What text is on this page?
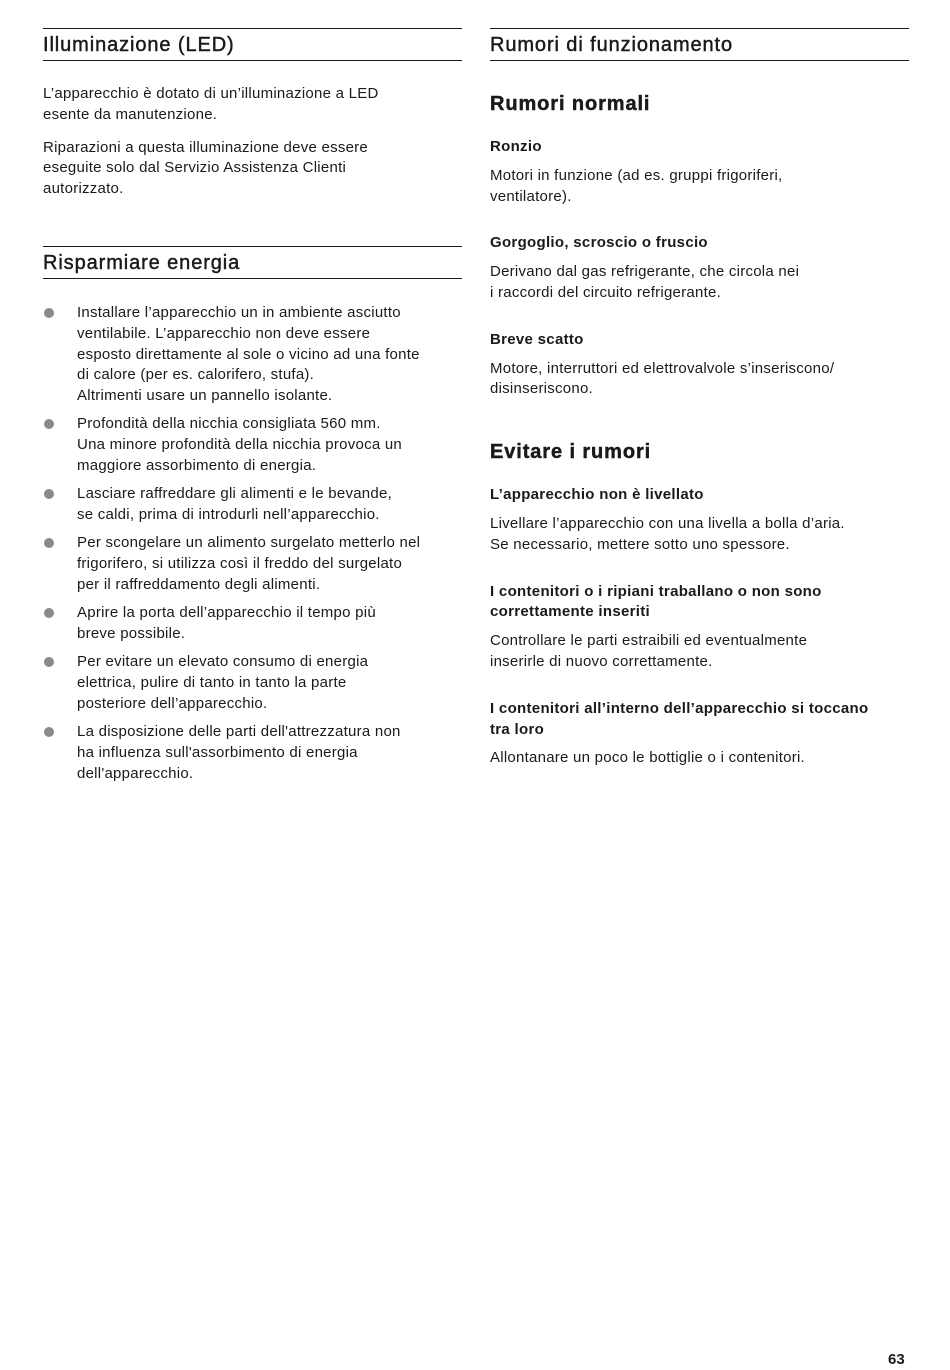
Illuminazione (LED)

L’apparecchio è dotato di un’illuminazione a LED
esente da manutenzione.

Riparazioni a questa illuminazione deve essere
eseguite solo dal Servizio Assistenza Clienti
autorizzato.

Risparmiare energia
Installare l’apparecchio un in ambiente asciutto
ventilabile. L’apparecchio non deve essere
esposto direttamente al sole o vicino ad una fonte
di calore (per es. calorifero, stufa).
Altrimenti usare un pannello isolante.
Profondità della nicchia consigliata 560 mm.
Una minore profondità della nicchia provoca un
maggiore assorbimento di energia.
Lasciare raffreddare gli alimenti e le bevande,
se caldi, prima di introdurli nell’apparecchio.
Per scongelare un alimento surgelato metterlo nel
frigorifero, si utilizza così il freddo del surgelato
per il raffreddamento degli alimenti.
Aprire la porta dell’apparecchio il tempo più
breve possibile.
Per evitare un elevato consumo di energia
elettrica, pulire di tanto in tanto la parte
posteriore dell’apparecchio.
La disposizione delle parti dell'attrezzatura non
ha influenza sull'assorbimento di energia
dell'apparecchio.
Rumori di funzionamento
Rumori normali

Ronzio

Motori in funzione (ad es. gruppi frigoriferi,
ventilatore).

Gorgoglio, scroscio o fruscio

Derivano dal gas refrigerante, che circola nei
i raccordi del circuito refrigerante.

Breve scatto

Motore, interruttori ed elettrovalvole s’inseriscono/
disinseriscono.

Evitare i rumori

L’apparecchio non è livellato

Livellare l’apparecchio con una livella a bolla d’aria.
Se necessario, mettere sotto uno spessore.

I contenitori o i ripiani traballano o non sono
correttamente inseriti

Controllare le parti estraibili ed eventualmente
inserirle di nuovo correttamente.

I contenitori all’interno dell’apparecchio si toccano
tra loro

Allontanare un poco le bottiglie o i contenitori.

63
